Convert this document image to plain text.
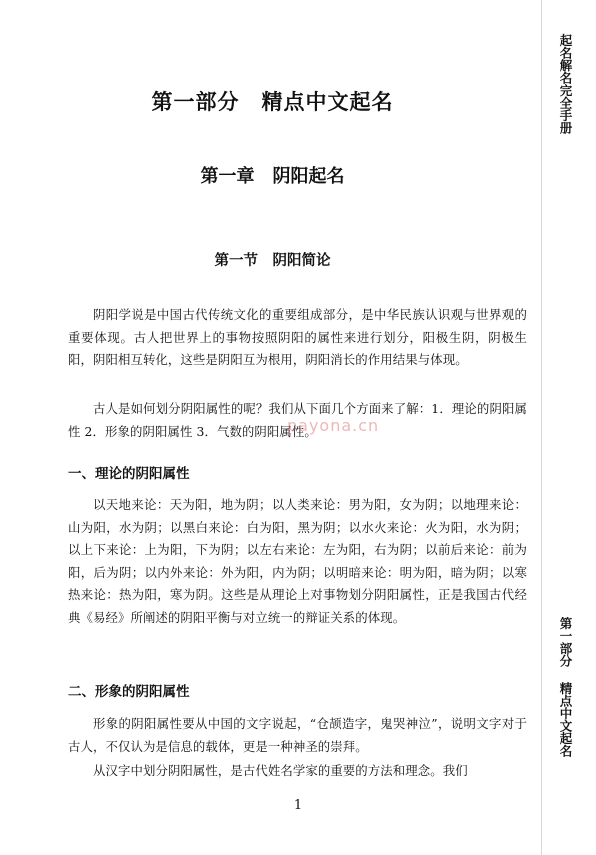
起名解名完全手册
第一部分 精点中文起名
第一部分　精点中文起名
第一章　阴阳起名
第一节　阴阳简论

阴阳学说是中国古代传统文化的重要组成部分，是中华民族认识观与世界观的重要体现。古人把世界上的事物按照阴阳的属性来进行划分，阳极生阴，阴极生阳，阴阳相互转化，这些是阴阳互为根用，阴阳消长的作用结果与体现。

古人是如何划分阴阳属性的呢？我们从下面几个方面来了解：1．理论的阴阳属性 2．形象的阴阳属性 3．气数的阴阳属性。

payona.cn
一、理论的阴阳属性

以天地来论：天为阳，地为阴；以人类来论：男为阳，女为阴；以地理来论：山为阳，水为阴；以黑白来论：白为阳，黑为阴；以水火来论：火为阳，水为阴；以上下来论：上为阳，下为阴；以左右来论：左为阳，右为阴；以前后来论：前为阳，后为阴；以内外来论：外为阳，内为阴；以明暗来论：明为阳，暗为阴；以寒热来论：热为阳，寒为阴。这些是从理论上对事物划分阴阳属性，正是我国古代经典《易经》所阐述的阴阳平衡与对立统一的辩证关系的体现。

二、形象的阴阳属性

形象的阴阳属性要从中国的文字说起，“仓颉造字，鬼哭神泣”，说明文字对于古人，不仅认为是信息的载体，更是一种神圣的崇拜。

从汉字中划分阴阳属性，是古代姓名学家的重要的方法和理念。我们

1
